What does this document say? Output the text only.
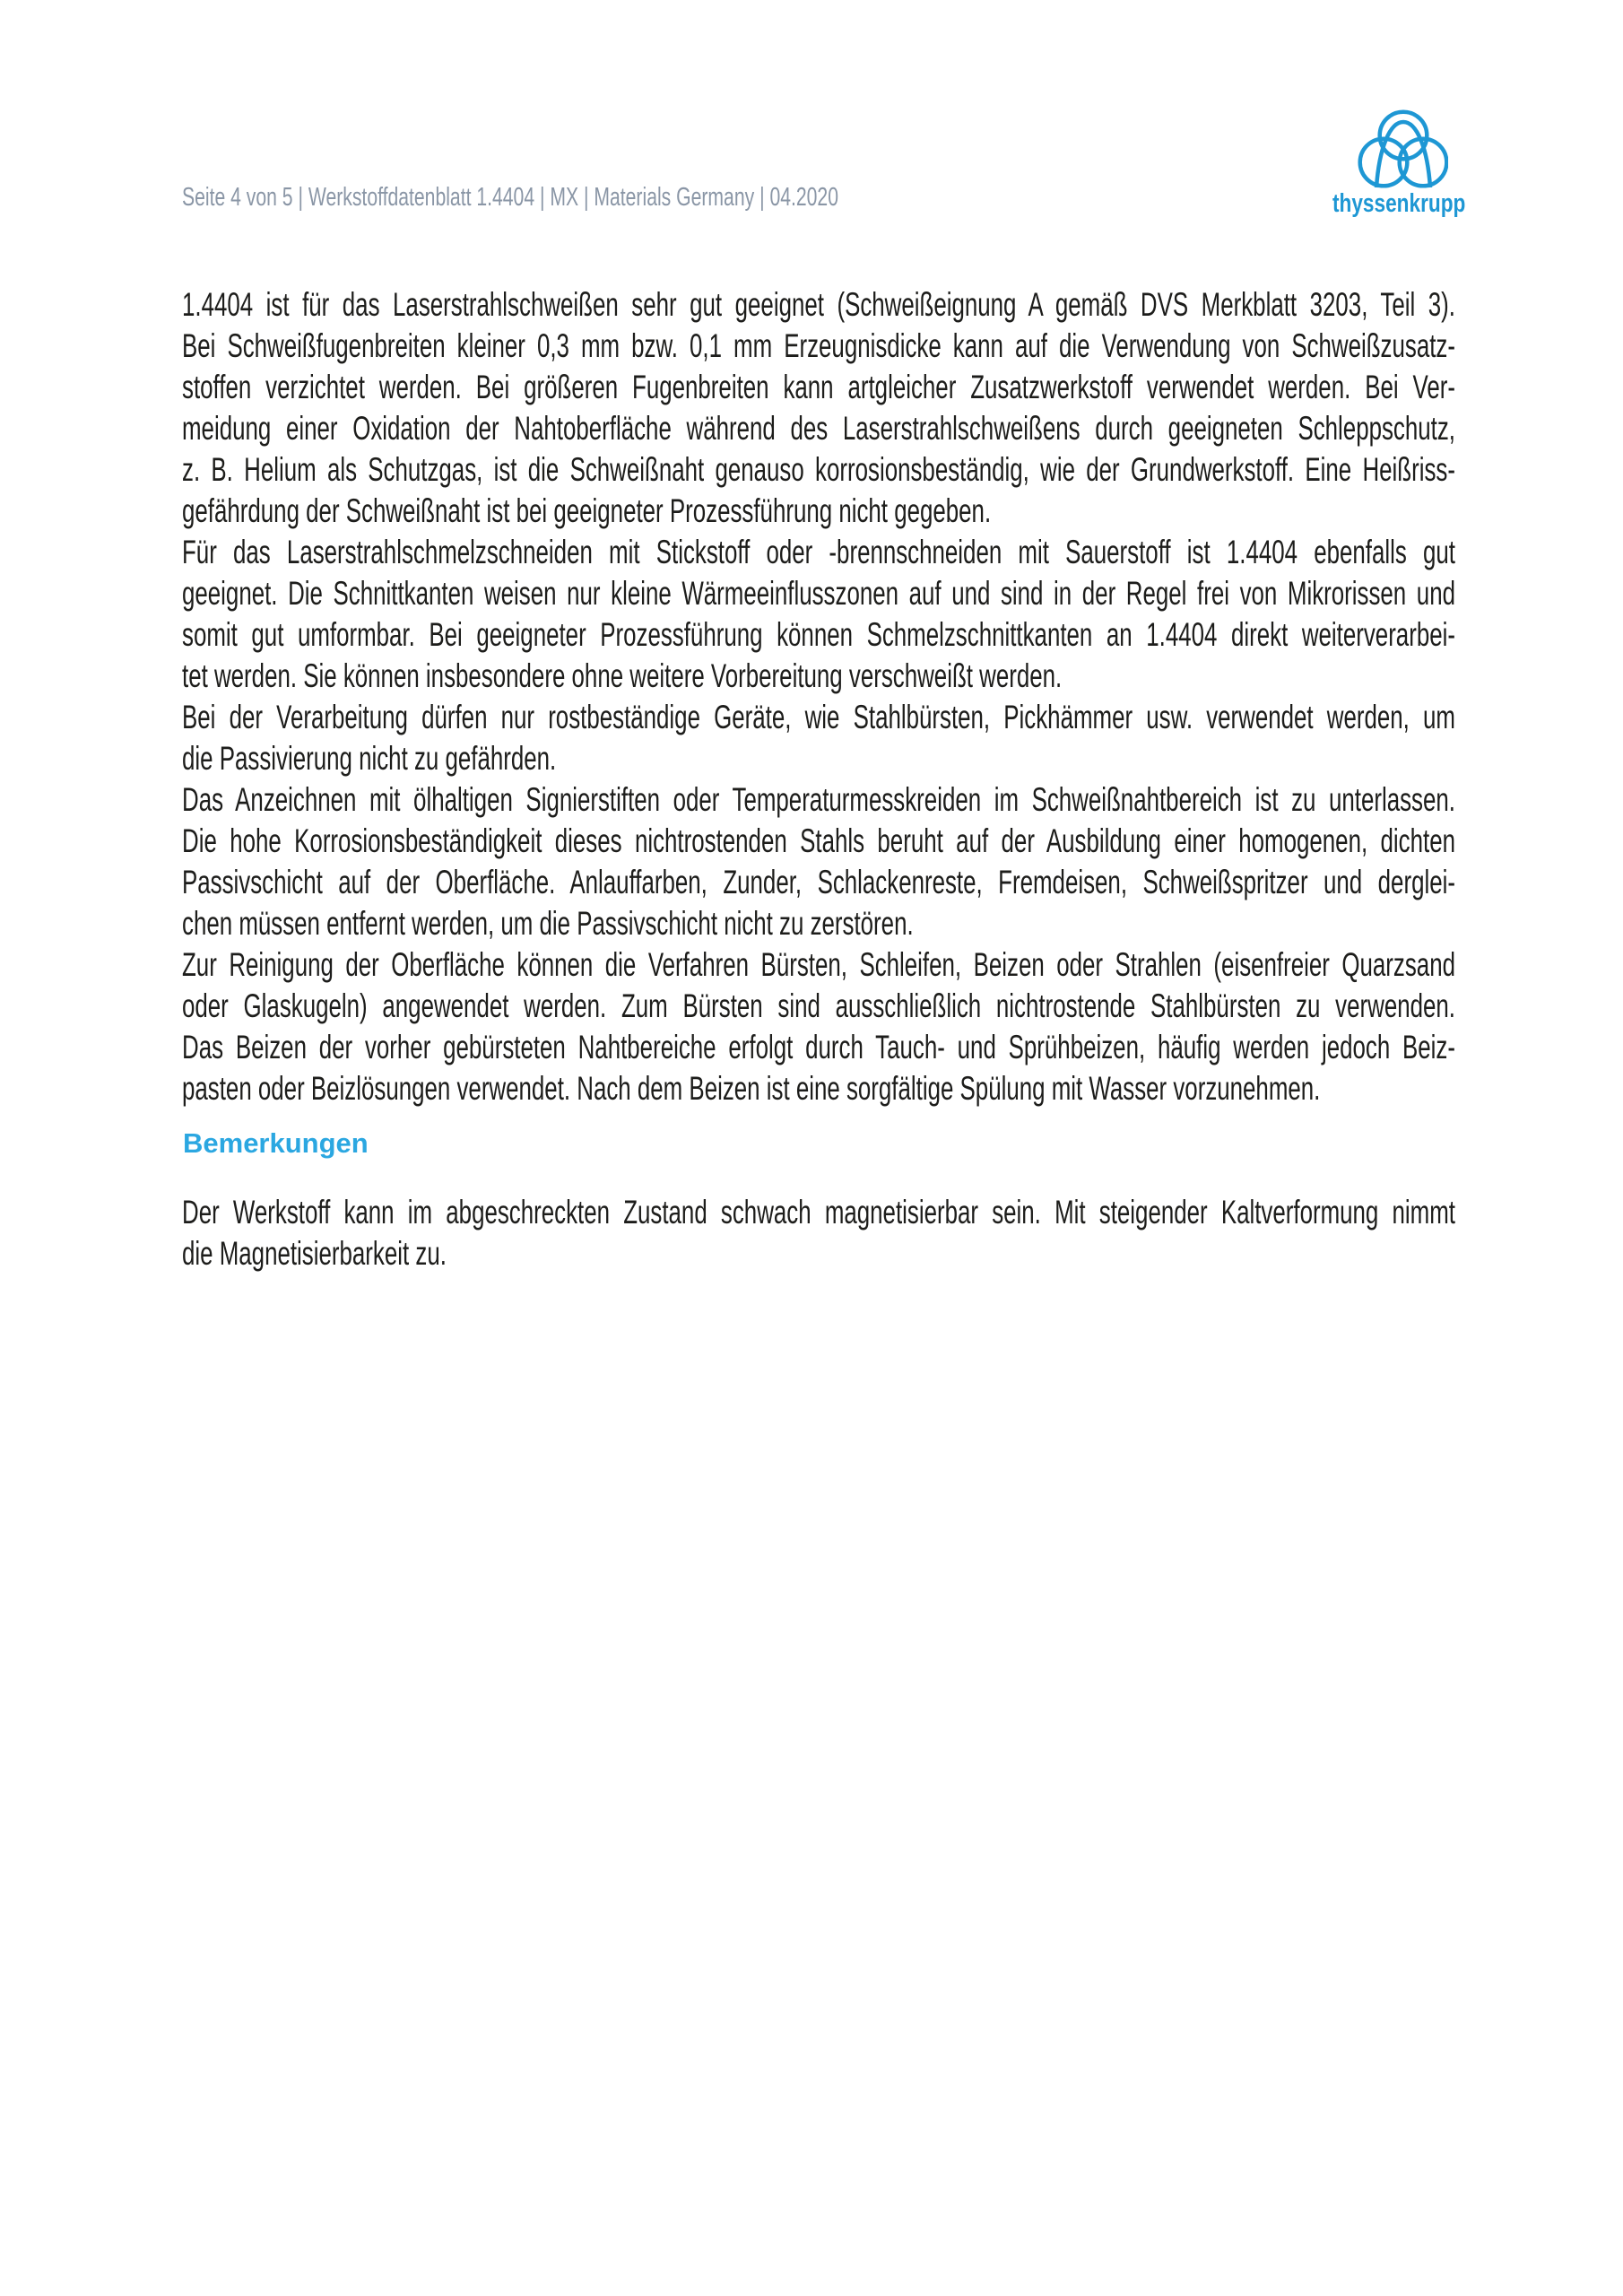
Seite 4 von 5 | Werkstoffdatenblatt 1.4404 | MX | Materials Germany | 04.2020	thyssenkrupp
1.4404 ist für das Laserstrahlschweißen sehr gut geeignet (Schweißeignung A gemäß DVS Merkblatt 3203, Teil 3).
Bei Schweißfugenbreiten kleiner 0,3 mm bzw. 0,1 mm Erzeugnisdicke kann auf die Verwendung von Schweißzusatz-
stoffen verzichtet werden. Bei größeren Fugenbreiten kann artgleicher Zusatzwerkstoff verwendet werden. Bei Ver-
meidung einer Oxidation der Nahtoberfläche während des Laserstrahlschweißens durch geeigneten Schleppschutz,
z. B. Helium als Schutzgas, ist die Schweißnaht genauso korrosionsbeständig, wie der Grundwerkstoff. Eine Heißriss-
gefährdung der Schweißnaht ist bei geeigneter Prozessführung nicht gegeben.
Für das Laserstrahlschmelzschneiden mit Stickstoff oder -brennschneiden mit Sauerstoff ist 1.4404 ebenfalls gut
geeignet. Die Schnittkanten weisen nur kleine Wärmeeinflusszonen auf und sind in der Regel frei von Mikrorissen und
somit gut umformbar. Bei geeigneter Prozessführung können Schmelzschnittkanten an 1.4404 direkt weiterverarbei-
tet werden. Sie können insbesondere ohne weitere Vorbereitung verschweißt werden.
Bei der Verarbeitung dürfen nur rostbeständige Geräte, wie Stahlbürsten, Pickhämmer usw. verwendet werden, um
die Passivierung nicht zu gefährden.
Das Anzeichnen mit ölhaltigen Signierstiften oder Temperaturmesskreiden im Schweißnahtbereich ist zu unterlassen.
Die hohe Korrosionsbeständigkeit dieses nichtrostenden Stahls beruht auf der Ausbildung einer homogenen, dichten
Passivschicht auf der Oberfläche. Anlauffarben, Zunder, Schlackenreste, Fremdeisen, Schweißspritzer und derglei-
chen müssen entfernt werden, um die Passivschicht nicht zu zerstören.
Zur Reinigung der Oberfläche können die Verfahren Bürsten, Schleifen, Beizen oder Strahlen (eisenfreier Quarzsand
oder Glaskugeln) angewendet werden. Zum Bürsten sind ausschließlich nichtrostende Stahlbürsten zu verwenden.
Das Beizen der vorher gebürsteten Nahtbereiche erfolgt durch Tauch- und Sprühbeizen, häufig werden jedoch Beiz-
pasten oder Beizlösungen verwendet. Nach dem Beizen ist eine sorgfältige Spülung mit Wasser vorzunehmen.
Bemerkungen
Der Werkstoff kann im abgeschreckten Zustand schwach magnetisierbar sein. Mit steigender Kaltverformung nimmt
die Magnetisierbarkeit zu.
